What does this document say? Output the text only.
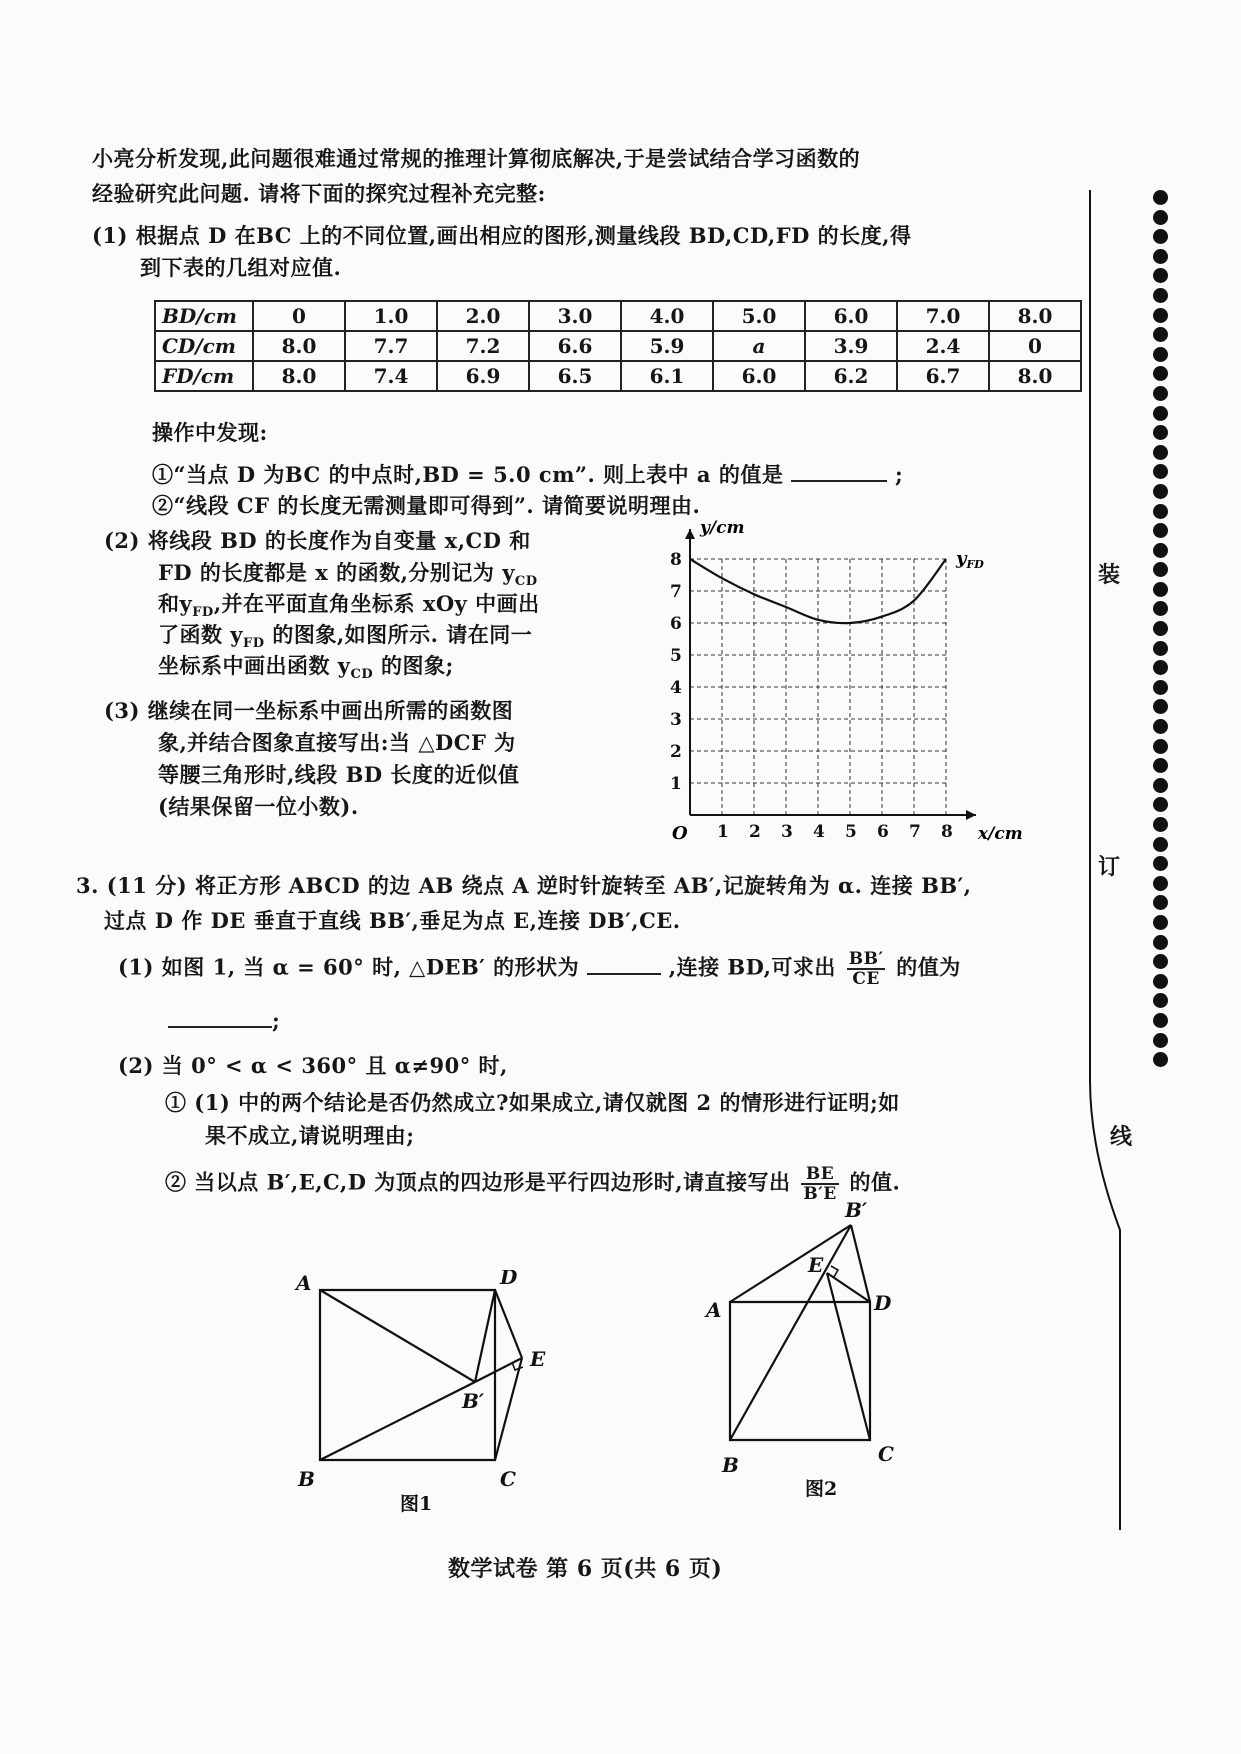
小亮分析发现,此问题很难通过常规的推理计算彻底解决,于是尝试结合学习函数的
经验研究此问题. 请将下面的探究过程补充完整:
(1) 根据点 D 在BC 上的不同位置,画出相应的图形,测量线段 BD,CD,FD 的长度,得
到下表的几组对应值.
BD/cm	0	1.0	2.0	3.0	4.0	5.0	6.0	7.0	8.0
CD/cm	8.0	7.7	7.2	6.6	5.9	a	3.9	2.4	0
FD/cm	8.0	7.4	6.9	6.5	6.1	6.0	6.2	6.7	8.0
操作中发现:
①“当点 D 为BC 的中点时,BD = 5.0 cm”. 则上表中 a 的值是	;
②“线段 CF 的长度无需测量即可得到”. 请简要说明理由.
(2) 将线段 BD 的长度作为自变量 x,CD 和
FD 的长度都是 x 的函数,分别记为 $y_{CD}$
和$y_{FD}$,并在平面直角坐标系 xOy 中画出
了函数 $y_{FD}$ 的图象,如图所示. 请在同一
坐标系中画出函数 $y_{CD}$ 的图象;
(3) 继续在同一坐标系中画出所需的函数图
象,并结合图象直接写出:当 △DCF 为
等腰三角形时,线段 BD 长度的近似值
(结果保留一位小数).
1 2 3 4 5 6 7 8
1
2
3
4
5
6
7
8
y/cm
x/cm
O
$y_{FD}$
3. (11 分) 将正方形 ABCD 的边 AB 绕点 A 逆时针旋转至 AB′,记旋转角为 α. 连接 BB′,
过点 D 作 DE 垂直于直线 BB′,垂足为点 E,连接 DB′,CE.
(1) 如图 1, 当 α = 60° 时, △DEB′ 的形状为	,连接 BD,可求出 $\frac{BB'}{CE}$ 的值为
;
(2) 当 0° < α < 360° 且 α≠90° 时,
① (1) 中的两个结论是否仍然成立?如果成立,请仅就图 2 的情形进行证明;如
果不成立,请说明理由;
② 当以点 B′,E,C,D 为顶点的四边形是平行四边形时,请直接写出 $\frac{BE}{B'E}$ 的值.
A	D
E
B′
B	C
图1
B′
E
D
A
B	C
图2
数学试卷 第 6 页(共 6 页)
装
订
线
